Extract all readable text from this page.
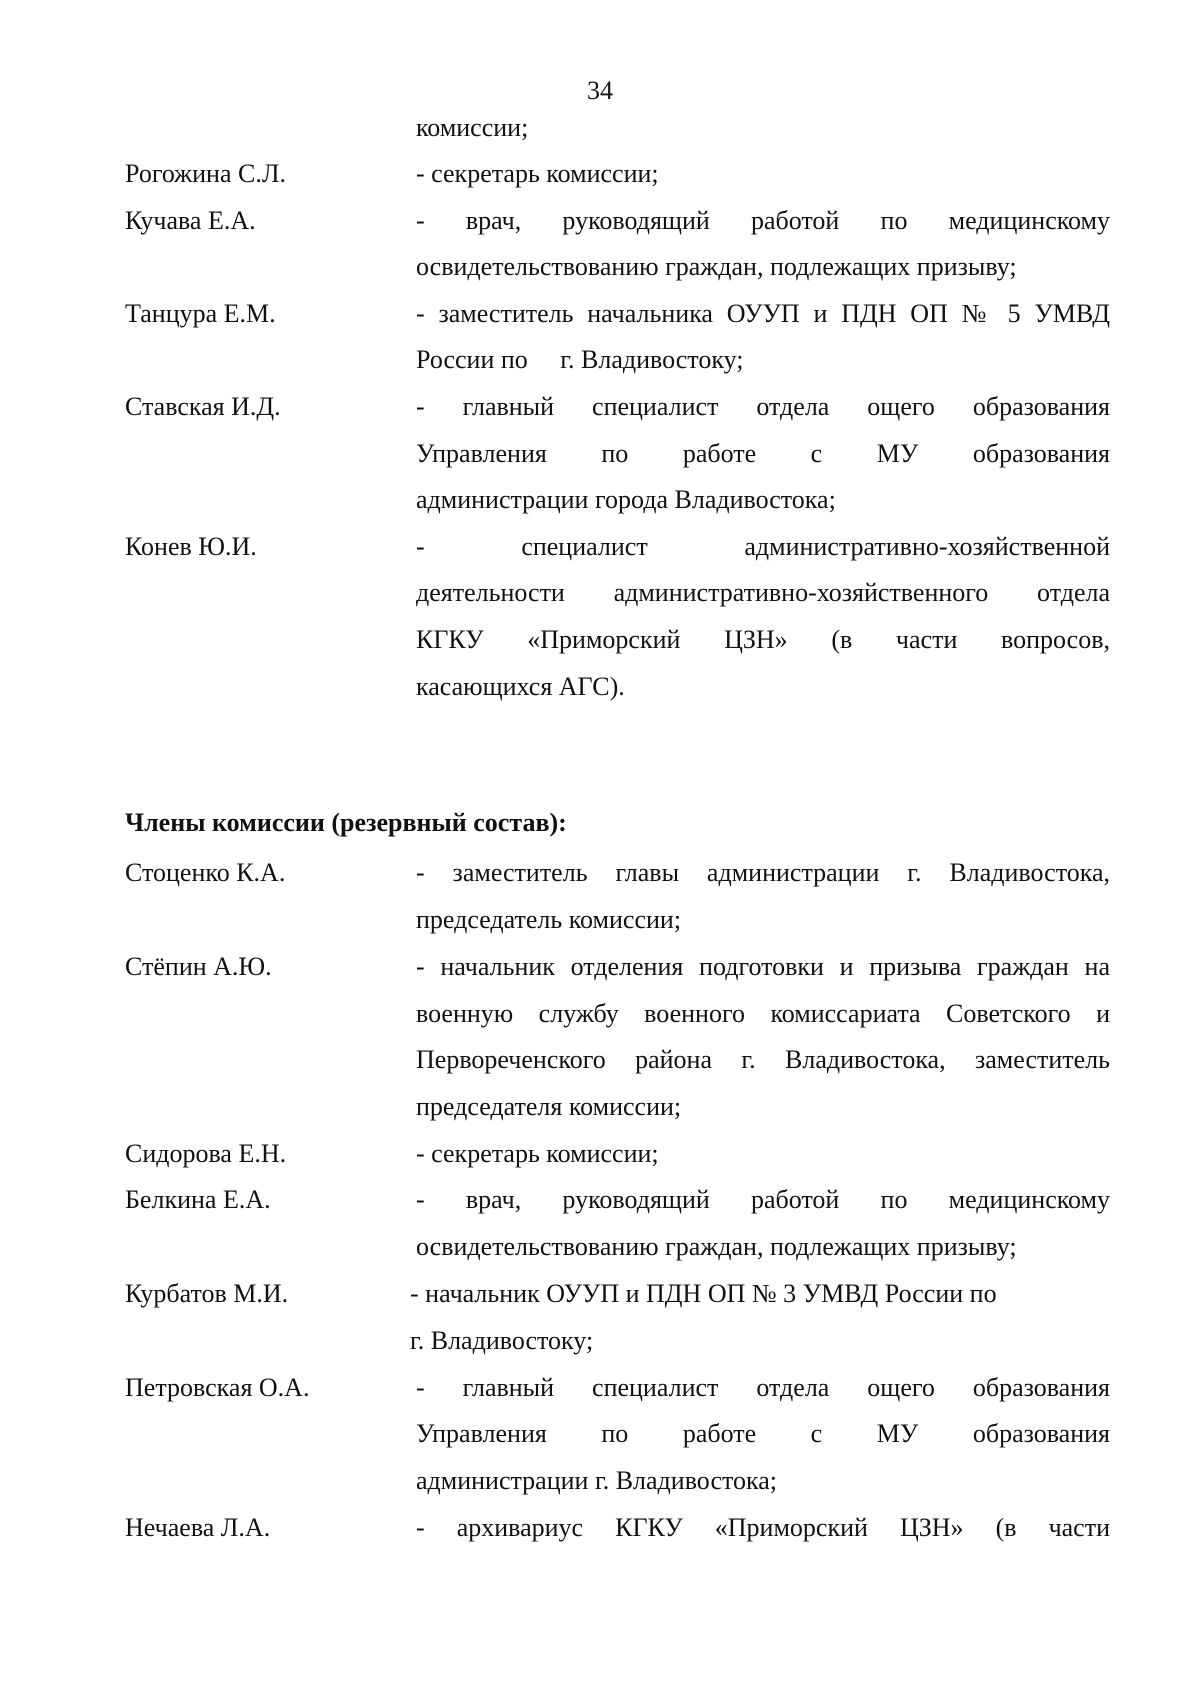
34
комиссии;
Рогожина С.Л.	- секретарь комиссии;
Кучава Е.А.	- врач, руководящий работой по медицинскому
освидетельствованию граждан, подлежащих призыву;
Танцура Е.М.	- заместитель начальника ОУУП и ПДН ОП № 5 УМВД
России по     г. Владивостоку;
Ставская И.Д.	- главный специалист отдела ощего образования
Управления по работе с МУ образования
администрации города Владивостока;
Конев Ю.И.	- специалист административно-хозяйственной
деятельности административно-хозяйственного отдела
КГКУ «Приморский ЦЗН» (в части вопросов,
касающихся АГС).
Члены комиссии (резервный состав):
Стоценко К.А.	- заместитель главы администрации г. Владивостока,
председатель комиссии;
Стёпин А.Ю.	- начальник отделения подготовки и призыва граждан на
военную службу военного комиссариата Советского и
Первореченского района г. Владивостока, заместитель
председателя комиссии;
Сидорова Е.Н.	- секретарь комиссии;
Белкина Е.А.	- врач, руководящий работой по медицинскому
освидетельствованию граждан, подлежащих призыву;
Курбатов М.И.	- начальник ОУУП и ПДН ОП № 3 УМВД России по
г. Владивостоку;
Петровская О.А.	- главный специалист отдела ощего образования
Управления по работе с МУ образования
администрации г. Владивостока;
Нечаева Л.А.	- архивариус КГКУ «Приморский ЦЗН» (в части
